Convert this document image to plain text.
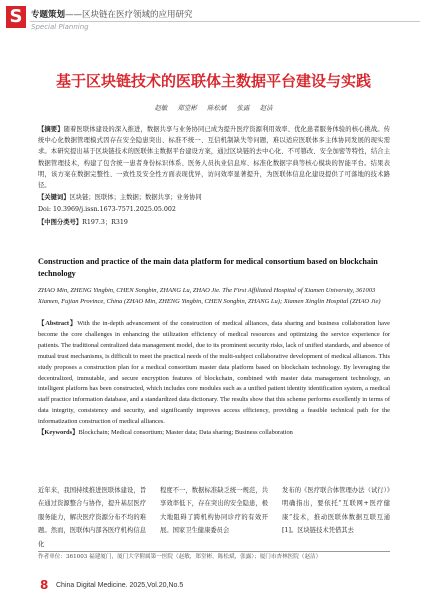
S	专题策划——区块链在医疗领域的应用研究
Special Planning
基于区块链技术的医联体主数据平台建设与实践
赵敏 郑堂彬 陈松斌 张露 赵洁

【摘要】随着医联体建设的深入推进，数据共享与业务协同已成为提升医疗资源利用效率、优化患者服务体验的核心挑战。传统中心化数据管理模式因存在安全隐患突出、标准不统一、互信机制缺失等问题，难以适应医联体多主体协同发展的现实需求。本研究提出基于区块链技术的医联体主数据平台建设方案，通过区块链的去中心化、不可篡改、安全加密等特性，结合主数据管理技术，构建了包含统一患者身份标识体系、医务人员执业信息库、标准化数据字典等核心模块的智能平台。结果表明，该方案在数据完整性、一致性及安全性方面表现优异，访问效率显著提升，为医联体信息化建设提供了可落地的技术路径。

【关键词】区块链；医联体；主数据；数据共享；业务协同

Doi: 10.3969/j.issn.1673-7571.2025.05.002

【中图分类号】R197.3；R319

Construction and practice of the main data platform for medical consortium based on blockchain technology
ZHAO Min, ZHENG Yingbin, CHEN Songbin, ZHANG Lu, ZHAO Jie. The First Affiliated Hospital of Xiamen University, 361003 Xiamen, Fujian Province, China (ZHAO Min, ZHENG Yingbin, CHEN Songbin, ZHANG Lu); Xiamen Xinglin Hospital (ZHAO Jie)

【Abstract】With the in-depth advancement of the construction of medical alliances, data sharing and business collaboration have become the core challenges in enhancing the utilization efficiency of medical resources and optimizing the service experience for patients. The traditional centralized data management model, due to its prominent security risks, lack of unified standards, and absence of mutual trust mechanisms, is difficult to meet the practical needs of the multi-subject collaborative development of medical alliances. This study proposes a construction plan for a medical consortium master data platform based on blockchain technology. By leveraging the decentralized, immutable, and secure encryption features of blockchain, combined with master data management technology, an intelligent platform has been constructed, which includes core modules such as a unified patient identity identification system, a medical staff practice information database, and a standardized data dictionary. The results show that this scheme performs excellently in terms of data integrity, consistency and security, and significantly improves access efficiency, providing a feasible technical path for the informatization construction of medical alliances.

【Keywords】Blockchain; Medical consortium; Master data; Data sharing; Business collaboration

近年来，我国持续推进医联体建设，旨在通过资源整合与协作，提升基层医疗服务能力，解决医疗资源分布不均的难题。然而，医联体内部各医疗机构信息化
程度不一，数据标准缺乏统一规范，共享效率低下，存在突出的安全隐患，极大地阻碍了跨机构协同诊疗的有效开展。国家卫生健康委员会
发布的《医疗联合体管理办法（试行）》明确指出，要依托“互联网+医疗健康”技术，推动医联体数据互联互通[1]。区块链技术凭借其去
作者单位：361003 福建厦门，厦门大学附属第一医院（赵敏，郑堂彬，陈松斌，张露）；厦门市杏林医院（赵洁）
8 China Digital Medicine. 2025,Vol.20,No.5
